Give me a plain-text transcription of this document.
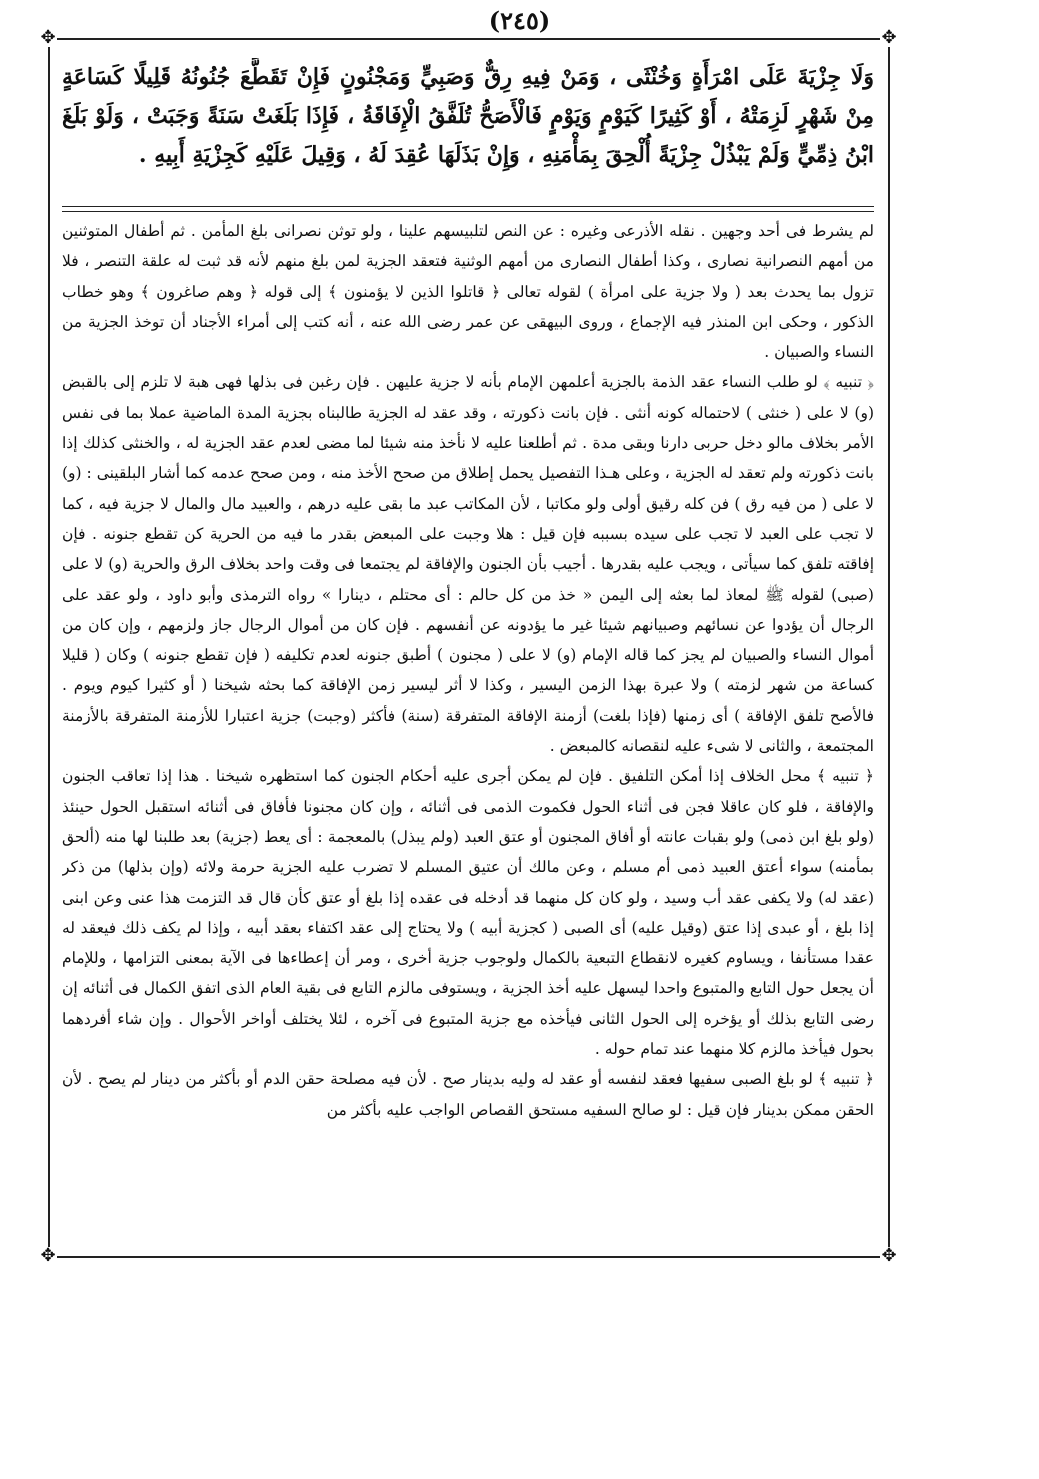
(٢٤٥)
✥	✥
✥	✥
وَلَا جِزْيَةَ عَلَى امْرَأَةٍ وَخُنْثَى ، وَمَنْ فِيهِ رِقٌّ وَصَبِيٍّ وَمَجْنُونٍ فَإِنْ تَقَطَّعَ جُنُونُهُ قَلِيلًا كَسَاعَةٍ مِنْ شَهْرٍ لَزِمَتْهُ ، أَوْ كَثِيرًا كَيَوْمٍ وَيَوْمٍ فَالْأَصَحُّ تُلَفَّقُ الْإِفَاقَةُ ، فَإِذَا بَلَغَتْ سَنَةً وَجَبَتْ ، وَلَوْ بَلَغَ ابْنُ ذِمِّيٍّ وَلَمْ يَبْذُلْ جِزْيَةً أُلْحِقَ بِمَأْمَنِهِ ، وَإِنْ بَذَلَهَا عُقِدَ لَهُ ، وَقِيلَ عَلَيْهِ كَجِزْيَةِ أَبِيهِ .

لم يشرط فى أحد وجهين . نقله الأذرعى وغيره : عن النص لتلبيسهم علينا ، ولو توثن نصرانى بلغ المأمن . ثم أطفال المتوثنين من أمهم النصرانية نصارى ، وكذا أطفال النصارى من أمهم الوثنية فتعقد الجزية لمن بلغ منهم لأنه قد ثبت له علقة التنصر ، فلا تزول بما يحدث بعد ( ولا جزية على امرأة ) لقوله تعالى ﴿ قاتلوا الذين لا يؤمنون ﴾ إلى قوله ﴿ وهم صاغرون ﴾ وهو خطاب الذكور ، وحكى ابن المنذر فيه الإجماع ، وروى البيهقى عن عمر رضى الله عنه ، أنه كتب إلى أمراء الأجناد أن توخذ الجزية من النساء والصبيان .

﴿ تنبيه ﴾ لو طلب النساء عقد الذمة بالجزية أعلمهن الإمام بأنه لا جزية عليهن . فإن رغبن فى بذلها فهى هبة لا تلزم إلى بالقبض (و) لا على ( خنثى ) لاحتماله كونه أنثى . فإن بانت ذكورته ، وقد عقد له الجزية طالبناه بجزية المدة الماضية عملا بما فى نفس الأمر بخلاف مالو دخل حربى دارنا وبقى مدة . ثم أطلعنا عليه لا نأخذ منه شيئا لما مضى لعدم عقد الجزية له ، والخنثى كذلك إذا بانت ذكورته ولم تعقد له الجزية ، وعلى هـذا التفصيل يحمل إطلاق من صحح الأخذ منه ، ومن صحح عدمه كما أشار البلقينى : (و) لا على ( من فيه رق ) فن كله رقيق أولى ولو مكاتبا ، لأن المكاتب عبد ما بقى عليه درهم ، والعبيد مال والمال لا جزية فيه ، كما لا تجب على العبد لا تجب على سيده بسببه فإن قيل : هلا وجبت على المبعض بقدر ما فيه من الحرية كن تقطع جنونه . فإن إفاقته تلفق كما سيأتى ، ويجب عليه بقدرها . أجيب بأن الجنون والإفاقة لم يجتمعا فى وقت واحد بخلاف الرق والحرية (و) لا على (صبى) لقوله ﷺ لمعاذ لما بعثه إلى اليمن « خذ من كل حالم : أى محتلم ، دينارا » رواه الترمذى وأبو داود ، ولو عقد على الرجال أن يؤدوا عن نسائهم وصبيانهم شيئا غير ما يؤدونه عن أنفسهم . فإن كان من أموال الرجال جاز ولزمهم ، وإن كان من أموال النساء والصبيان لم يجز كما قاله الإمام (و) لا على ( مجنون ) أطبق جنونه لعدم تكليفه ( فإن تقطع جنونه ) وكان ( قليلا كساعة من شهر لزمته ) ولا عبرة بهذا الزمن اليسير ، وكذا لا أثر ليسير زمن الإفاقة كما بحثه شيخنا ( أو كثيرا كيوم ويوم . فالأصح تلفق الإفاقة ) أى زمنها (فإذا بلغت) أزمنة الإفاقة المتفرقة (سنة) فأكثر (وجبت) جزية اعتبارا للأزمنة المتفرقة بالأزمنة المجتمعة ، والثانى لا شىء عليه لنقصانه كالمبعض .

﴿ تنبيه ﴾ محل الخلاف إذا أمكن التلفيق . فإن لم يمكن أجرى عليه أحكام الجنون كما استظهره شيخنا . هذا إذا تعاقب الجنون والإفاقة ، فلو كان عاقلا فجن فى أثناء الحول فكموت الذمى فى أثنائه ، وإن كان مجنونا فأفاق فى أثنائه استقبل الحول حينئذ (ولو بلغ ابن ذمى) ولو بقبات عانته أو أفاق المجنون أو عتق العبد (ولم يبذل) بالمعجمة : أى يعط (جزية) بعد طلبنا لها منه (ألحق بمأمنه) سواء أعتق العبيد ذمى أم مسلم ، وعن مالك أن عتيق المسلم لا تضرب عليه الجزية حرمة ولائه (وإن بذلها) من ذكر (عقد له) ولا يكفى عقد أب وسيد ، ولو كان كل منهما قد أدخله فى عقده إذا بلغ أو عتق كأن قال قد التزمت هذا عنى وعن ابنى إذا بلغ ، أو عبدى إذا عتق (وقيل عليه) أى الصبى ( كجزية أبيه ) ولا يحتاج إلى عقد اكتفاء بعقد أبيه ، وإذا لم يكف ذلك فيعقد له عقدا مستأنفا ، ويساوم كغيره لانقطاع التبعية بالكمال ولوجوب جزية أخرى ، ومر أن إعطاءها فى الآية بمعنى التزامها ، وللإمام أن يجعل حول التابع والمتبوع واحدا ليسهل عليه أخذ الجزية ، ويستوفى مالزم التابع فى بقية العام الذى اتفق الكمال فى أثنائه إن رضى التابع بذلك أو يؤخره إلى الحول الثانى فيأخذه مع جزية المتبوع فى آخره ، لئلا يختلف أواخر الأحوال . وإن شاء أفردهما بحول فيأخذ مالزم كلا منهما عند تمام حوله .

﴿ تنبيه ﴾ لو بلغ الصبى سفيها فعقد لنفسه أو عقد له وليه بدينار صح . لأن فيه مصلحة حقن الدم أو بأكثر من دينار لم يصح . لأن الحقن ممكن بدينار فإن قيل : لو صالح السفيه مستحق القصاص الواجب عليه بأكثر من
